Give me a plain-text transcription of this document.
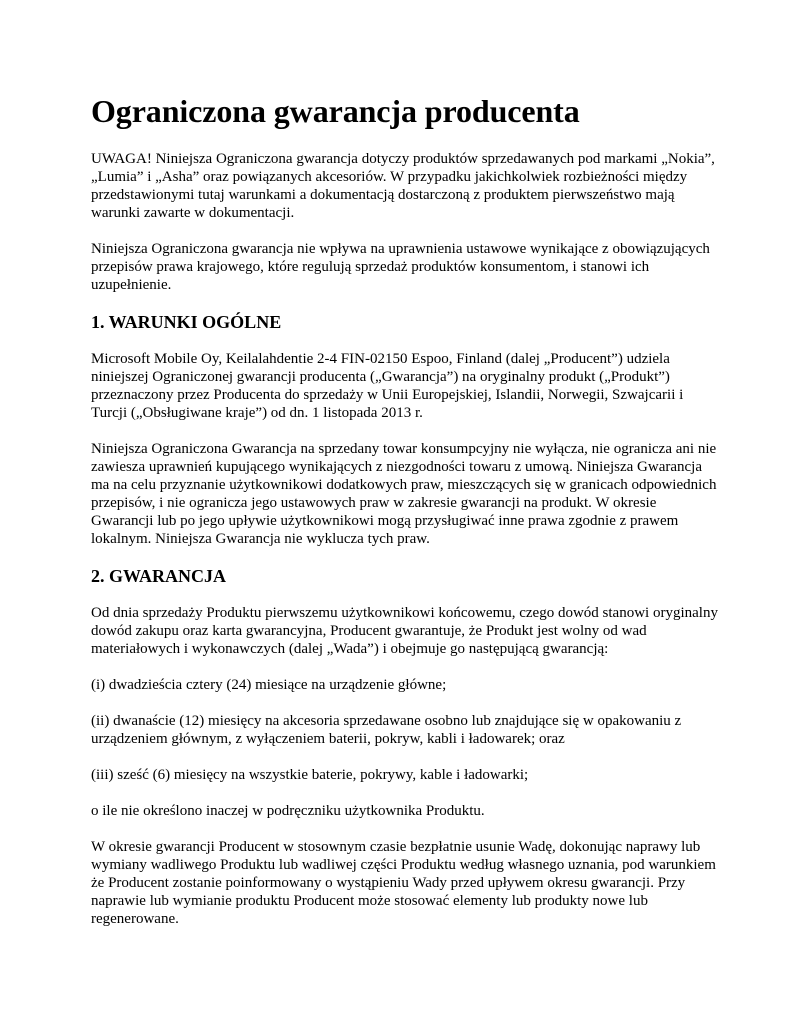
Ograniczona gwarancja producenta

UWAGA! Niniejsza Ograniczona gwarancja dotyczy produktów sprzedawanych pod markami „Nokia”, „Lumia” i „Asha” oraz powiązanych akcesoriów. W przypadku jakichkolwiek rozbieżności między przedstawionymi tutaj warunkami a dokumentacją dostarczoną z produktem pierwszeństwo mają warunki zawarte w dokumentacji.

Niniejsza Ograniczona gwarancja nie wpływa na uprawnienia ustawowe wynikające z obowiązujących przepisów prawa krajowego, które regulują sprzedaż produktów konsumentom, i stanowi ich uzupełnienie.

1. WARUNKI OGÓLNE

Microsoft Mobile Oy, Keilalahdentie 2-4 FIN-02150 Espoo, Finland (dalej „Producent”) udziela niniejszej Ograniczonej gwarancji producenta („Gwarancja”) na oryginalny produkt („Produkt”) przeznaczony przez Producenta do sprzedaży w Unii Europejskiej, Islandii, Norwegii, Szwajcarii i Turcji („Obsługiwane kraje”) od dn. 1 listopada 2013 r.

Niniejsza Ograniczona Gwarancja na sprzedany towar konsumpcyjny nie wyłącza, nie ogranicza ani nie zawiesza uprawnień kupującego wynikających z niezgodności towaru z umową. Niniejsza Gwarancja ma na celu przyznanie użytkownikowi dodatkowych praw, mieszczących się w granicach odpowiednich przepisów, i nie ogranicza jego ustawowych praw w zakresie gwarancji na produkt. W okresie Gwarancji lub po jego upływie użytkownikowi mogą przysługiwać inne prawa zgodnie z prawem lokalnym. Niniejsza Gwarancja nie wyklucza tych praw.

2. GWARANCJA

Od dnia sprzedaży Produktu pierwszemu użytkownikowi końcowemu, czego dowód stanowi oryginalny dowód zakupu oraz karta gwarancyjna, Producent gwarantuje, że Produkt jest wolny od wad materiałowych i wykonawczych (dalej „Wada”) i obejmuje go następującą gwarancją:

(i) dwadzieścia cztery (24) miesiące na urządzenie główne;

(ii) dwanaście (12) miesięcy na akcesoria sprzedawane osobno lub znajdujące się w opakowaniu z urządzeniem głównym, z wyłączeniem baterii, pokryw, kabli i ładowarek; oraz

(iii) sześć (6) miesięcy na wszystkie baterie, pokrywy, kable i ładowarki;

o ile nie określono inaczej w podręczniku użytkownika Produktu.

W okresie gwarancji Producent w stosownym czasie bezpłatnie usunie Wadę, dokonując naprawy lub wymiany wadliwego Produktu lub wadliwej części Produktu według własnego uznania, pod warunkiem że Producent zostanie poinformowany o wystąpieniu Wady przed upływem okresu gwarancji. Przy naprawie lub wymianie produktu Producent może stosować elementy lub produkty nowe lub regenerowane.
